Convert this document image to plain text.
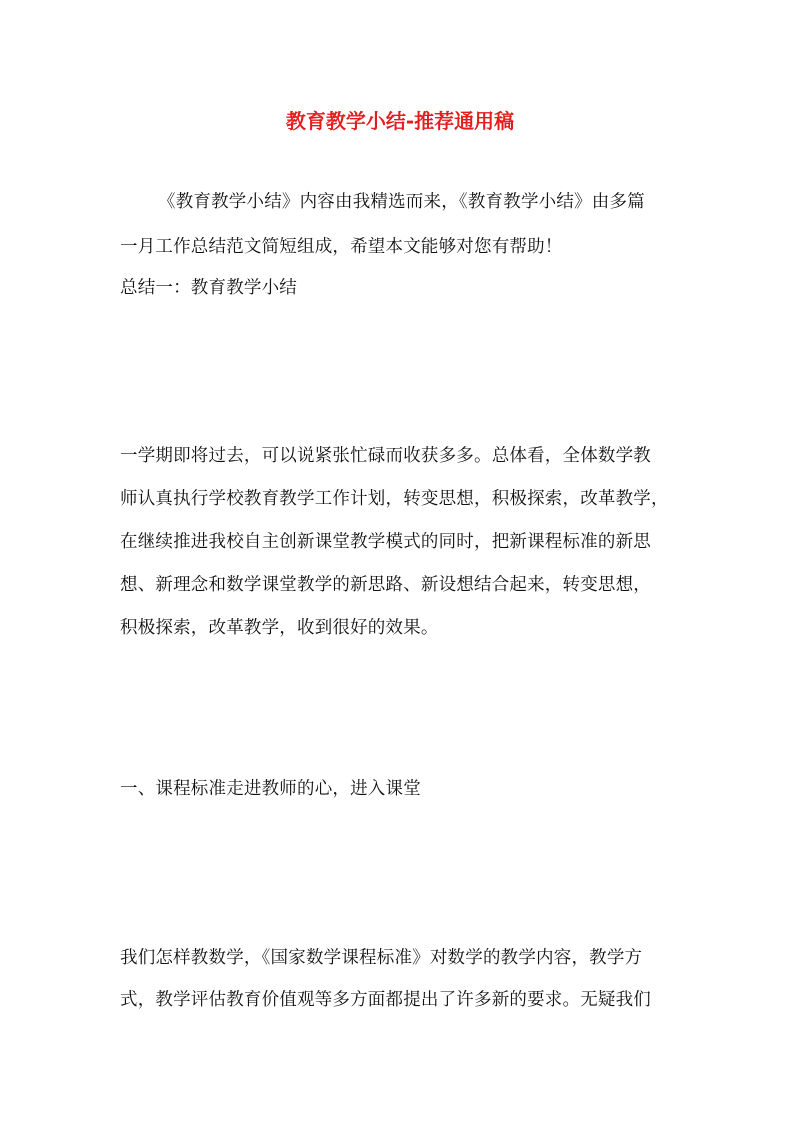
教育教学小结-推荐通用稿
《教育教学小结》内容由我精选而来，《教育教学小结》由多篇
一月工作总结范文简短组成，希望本文能够对您有帮助！
总结一：教育教学小结
一学期即将过去，可以说紧张忙碌而收获多多。总体看，全体数学教
师认真执行学校教育教学工作计划，转变思想，积极探索，改革教学，
在继续推进我校自主创新课堂教学模式的同时，把新课程标准的新思
想、新理念和数学课堂教学的新思路、新设想结合起来，转变思想，
积极探索，改革教学，收到很好的效果。
一、课程标准走进教师的心，进入课堂
我们怎样教数学，《国家数学课程标准》对数学的教学内容，教学方
式，教学评估教育价值观等多方面都提出了许多新的要求。无疑我们
